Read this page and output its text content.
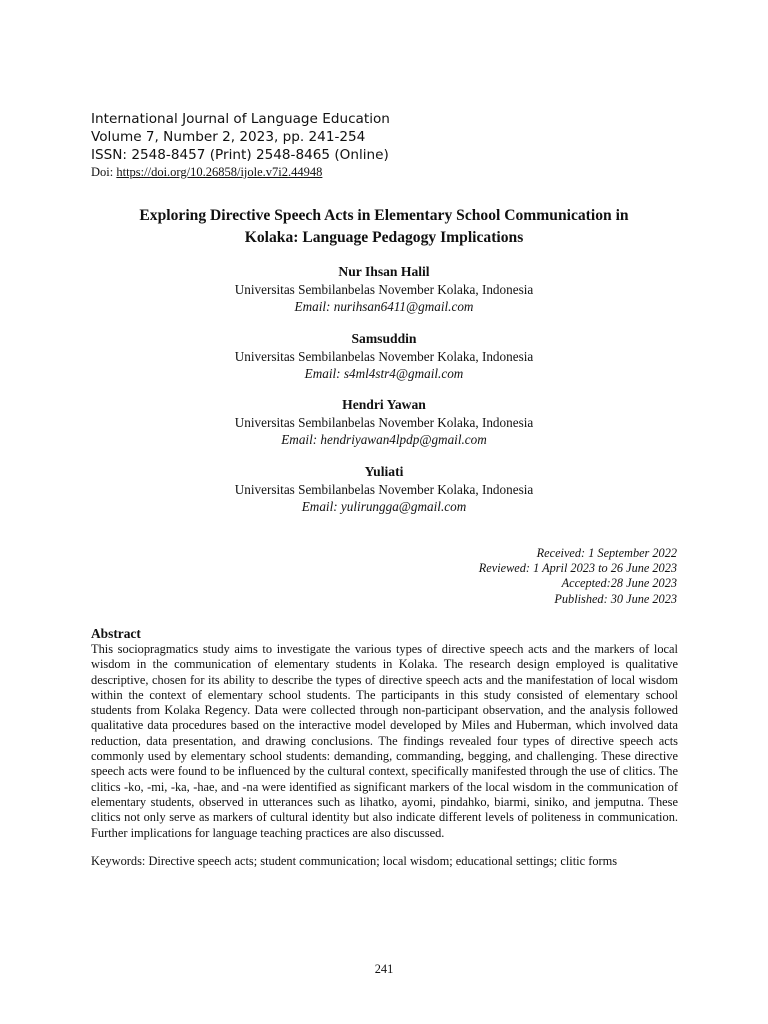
International Journal of Language Education
Volume 7, Number 2, 2023, pp. 241-254
ISSN: 2548-8457 (Print) 2548-8465 (Online)
Doi: https://doi.org/10.26858/ijole.v7i2.44948
Exploring Directive Speech Acts in Elementary School Communication in
Kolaka: Language Pedagogy Implications
Nur Ihsan Halil
Universitas Sembilanbelas November Kolaka, Indonesia
Email: nurihsan6411@gmail.com
Samsuddin
Universitas Sembilanbelas November Kolaka, Indonesia
Email: s4ml4str4@gmail.com
Hendri Yawan
Universitas Sembilanbelas November Kolaka, Indonesia
Email: hendriyawan4lpdp@gmail.com
Yuliati
Universitas Sembilanbelas November Kolaka, Indonesia
Email: yulirungga@gmail.com
Received: 1 September 2022
Reviewed: 1 April 2023 to 26 June 2023
Accepted:28 June 2023
Published: 30 June 2023
Abstract
This sociopragmatics study aims to investigate the various types of directive speech acts and the markers of local wisdom in the communication of elementary students in Kolaka. The research design employed is qualitative descriptive, chosen for its ability to describe the types of directive speech acts and the manifestation of local wisdom within the context of elementary school students. The participants in this study consisted of elementary school students from Kolaka Regency. Data were collected through non-participant observation, and the analysis followed qualitative data procedures based on the interactive model developed by Miles and Huberman, which involved data reduction, data presentation, and drawing conclusions. The findings revealed four types of directive speech acts commonly used by elementary school students: demanding, commanding, begging, and challenging. These directive speech acts were found to be influenced by the cultural context, specifically manifested through the use of clitics. The clitics -ko, -mi, -ka, -hae, and -na were identified as significant markers of the local wisdom in the communication of elementary students, observed in utterances such as lihatko, ayomi, pindahko, biarmi, siniko, and jemputna. These clitics not only serve as markers of cultural identity but also indicate different levels of politeness in communication. Further implications for language teaching practices are also discussed.
Keywords: Directive speech acts; student communication; local wisdom; educational settings; clitic forms
241
